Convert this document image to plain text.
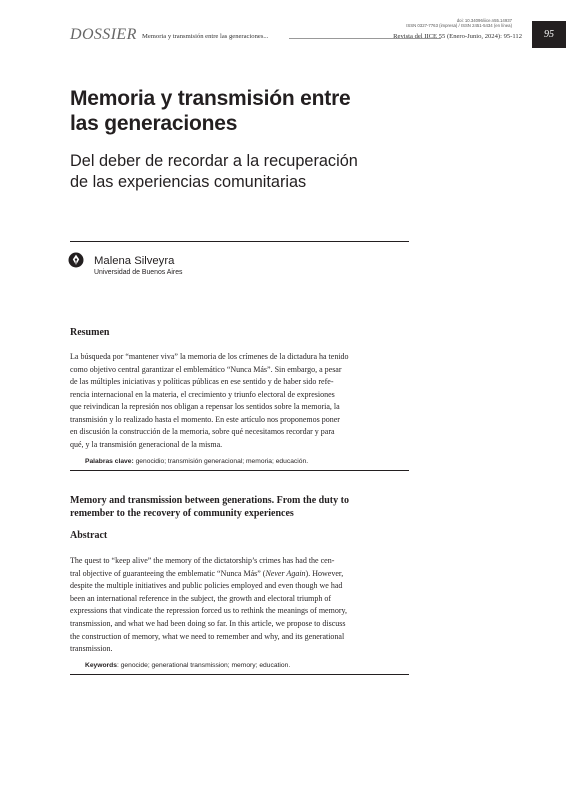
doi: 10.34096/iice.n55.14937
ISSN 0327-7763 (impresa) / ISSN 2451-5434 (en línea)
DOSSIER Memoria y transmisión entre las generaciones...	Revista del IICE 55 (Enero-Junio, 2024): 95-112 95
Memoria y transmisión entre
las generaciones
Del deber de recordar a la recuperación
de las experiencias comunitarias
Malena Silveyra
Universidad de Buenos Aires
Resumen
La búsqueda por “mantener viva” la memoria de los crímenes de la dictadura ha tenido
como objetivo central garantizar el emblemático “Nunca Más”. Sin embargo, a pesar
de las múltiples iniciativas y políticas públicas en ese sentido y de haber sido refe-
rencia internacional en la materia, el crecimiento y triunfo electoral de expresiones
que reivindican la represión nos obligan a repensar los sentidos sobre la memoria, la
transmisión y lo realizado hasta el momento. En este artículo nos proponemos poner
en discusión la construcción de la memoria, sobre qué necesitamos recordar y para
qué, y la transmisión generacional de la misma.
Palabras clave: genocidio; transmisión generacional; memoria; educación.
Memory and transmission between generations. From the duty to
remember to the recovery of community experiences
Abstract
The quest to “keep alive” the memory of the dictatorship’s crimes has had the cen-
tral objective of guaranteeing the emblematic “Nunca Más” (Never Again). However,
despite the multiple initiatives and public policies employed and even though we had
been an international reference in the subject, the growth and electoral triumph of
expressions that vindicate the repression forced us to rethink the meanings of memory,
transmission, and what we had been doing so far. In this article, we propose to discuss
the construction of memory, what we need to remember and why, and its generational
transmission.
Keywords: genocide; generational transmission; memory; education.
